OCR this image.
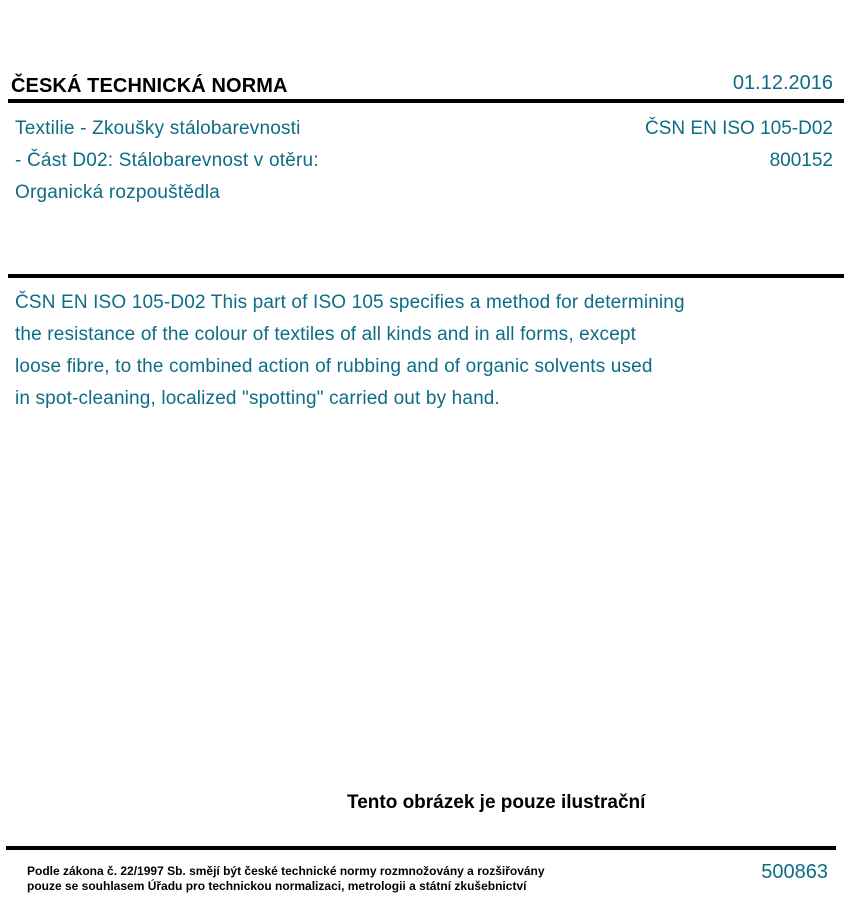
ČESKÁ TECHNICKÁ NORMA	01.12.2016
Textilie - Zkoušky stálobarevnosti
- Část D02: Stálobarevnost v otěru:
Organická rozpouštědla
ČSN EN ISO 105-D02
800152
ČSN EN ISO 105-D02 This part of ISO 105 specifies a method for determining
the resistance of the colour of textiles of all kinds and in all forms, except
loose fibre, to the combined action of rubbing and of organic solvents used
in spot-cleaning, localized "spotting" carried out by hand.
Tento obrázek je pouze ilustrační
Podle zákona č. 22/1997 Sb. smějí být české technické normy rozmnožovány a rozšiřovány
pouze se souhlasem Úřadu pro technickou normalizaci, metrologii a státní zkušebnictví
500863
